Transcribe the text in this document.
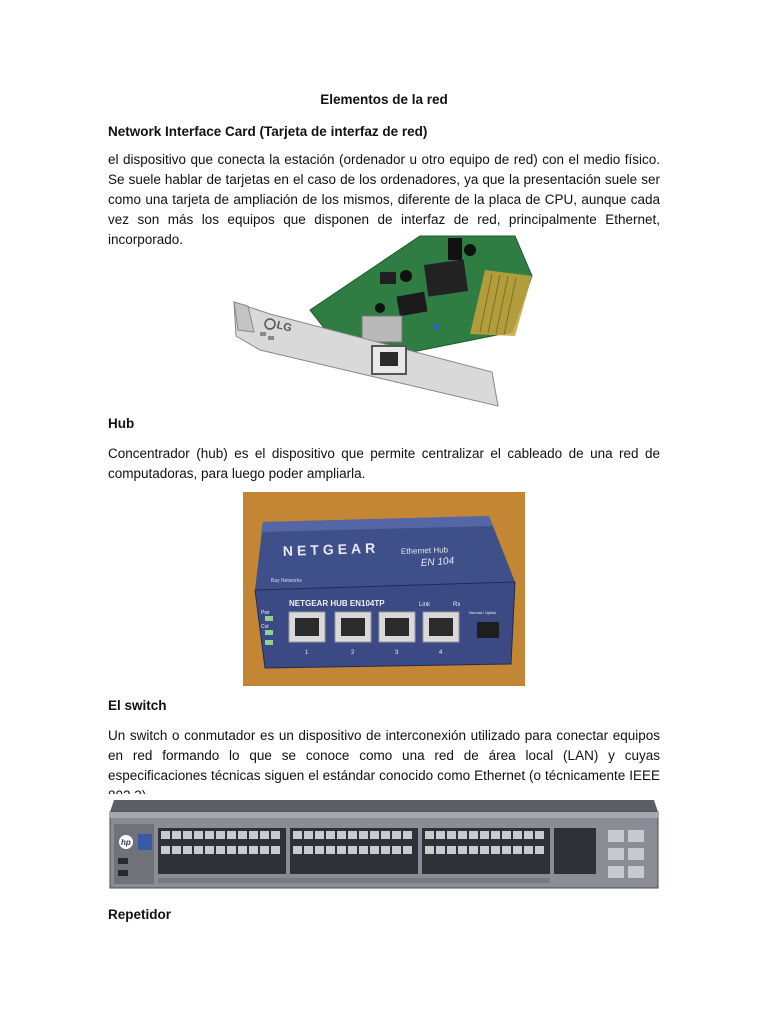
Elementos de la red
Network Interface Card (Tarjeta de interfaz de red)
el dispositivo que conecta la estación (ordenador u otro equipo de red) con el medio físico. Se suele hablar de tarjetas en el caso de los ordenadores, ya que la presentación suele ser como una tarjeta de ampliación de los mismos, diferente de la placa de CPU, aunque cada vez son más los equipos que disponen de interfaz de red, principalmente Ethernet, incorporado.
LG
Hub
Concentrador (hub) es el dispositivo que permite centralizar el cableado de una red de computadoras, para luego poder ampliarla.
NETGEAR	Ethernet Hub
EN 104
Bay Networks
NETGEAR HUB EN104TP	Link	Rx
Pwr
Col
1	2	3	4
Normal / Uplink
El switch
Un switch o conmutador es un dispositivo de interconexión utilizado para conectar equipos en red formando lo que se conoce como una red de área local (LAN) y cuyas especificaciones técnicas siguen el estándar conocido como Ethernet (o técnicamente IEEE
hp
Repetidor
